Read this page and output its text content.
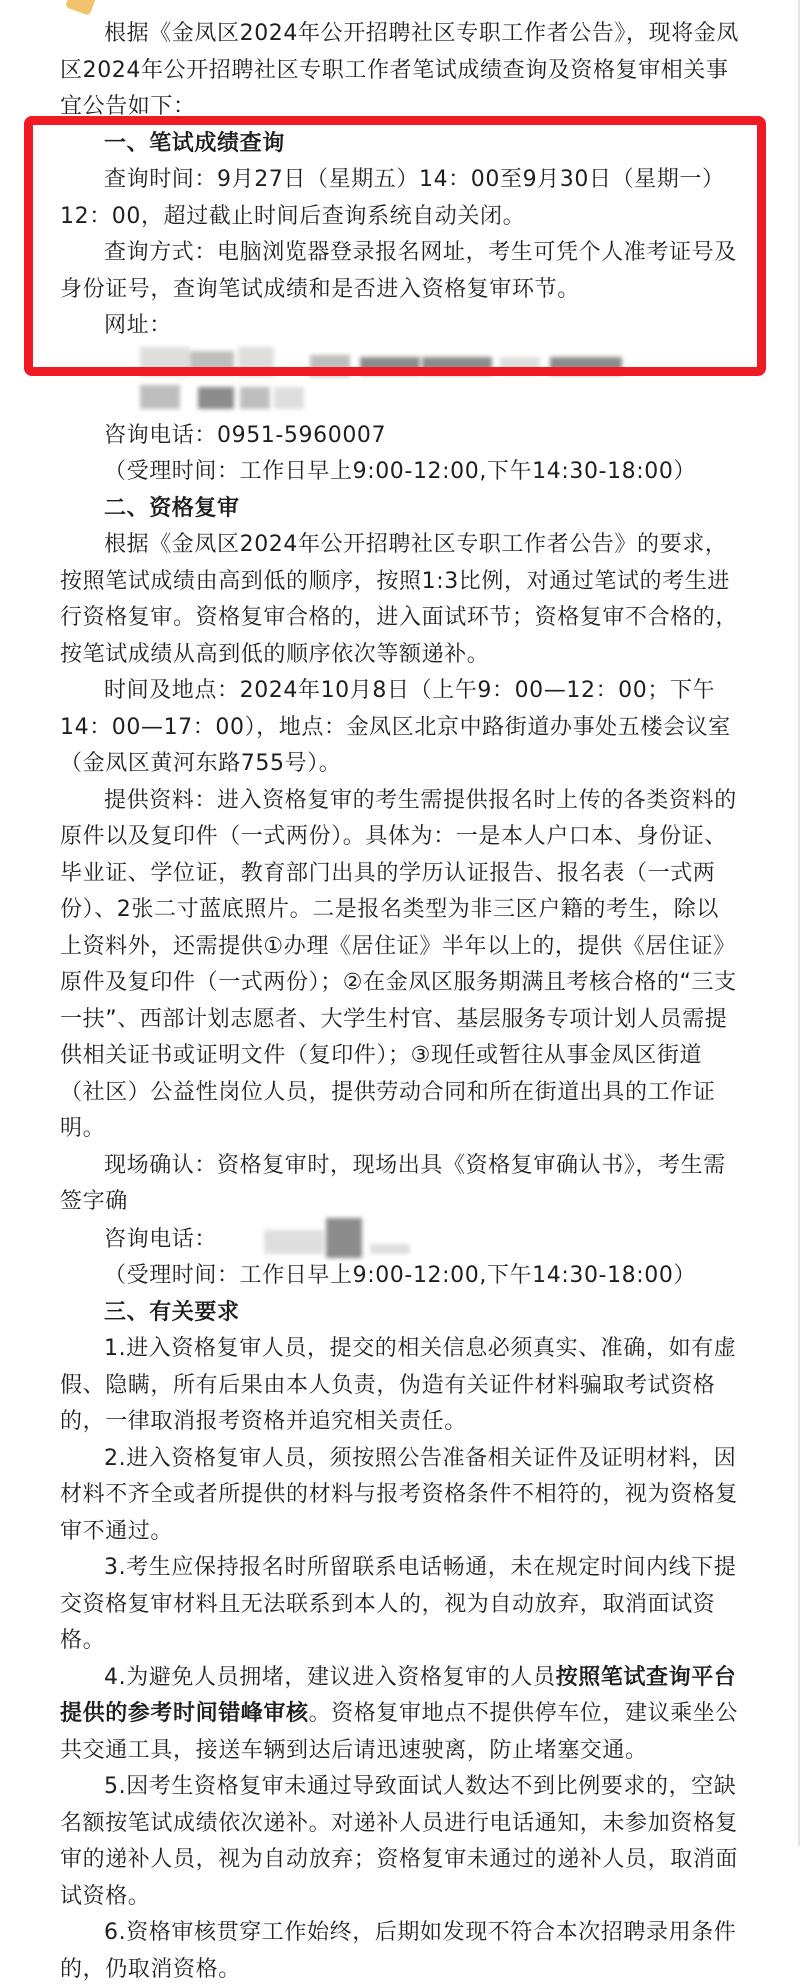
根据《金凤区2024年公开招聘社区专职工作者公告》，现将金凤区2024年公开招聘社区专职工作者笔试成绩查询及资格复审相关事宜公告如下：

一、笔试成绩查询

查询时间：9月27日（星期五）14：00至9月30日（星期一）12：00，超过截止时间后查询系统自动关闭。

查询方式：电脑浏览器登录报名网址，考生可凭个人准考证号及身份证号，查询笔试成绩和是否进入资格复审环节。

网址：

咨询电话：0951-5960007

（受理时间：工作日早上9:00-12:00,下午14:30-18:00）

二、资格复审

根据《金凤区2024年公开招聘社区专职工作者公告》的要求，按照笔试成绩由高到低的顺序，按照1:3比例，对通过笔试的考生进行资格复审。资格复审合格的，进入面试环节；资格复审不合格的，按笔试成绩从高到低的顺序依次等额递补。

时间及地点：2024年10月8日（上午9：00—12：00；下午14：00—17：00），地点：金凤区北京中路街道办事处五楼会议室（金凤区黄河东路755号）。

提供资料：进入资格复审的考生需提供报名时上传的各类资料的原件以及复印件（一式两份）。具体为：一是本人户口本、身份证、毕业证、学位证，教育部门出具的学历认证报告、报名表（一式两份）、2张二寸蓝底照片。二是报名类型为非三区户籍的考生，除以上资料外，还需提供①办理《居住证》半年以上的，提供《居住证》原件及复印件（一式两份）；②在金凤区服务期满且考核合格的“三支一扶”、西部计划志愿者、大学生村官、基层服务专项计划人员需提供相关证书或证明文件（复印件）；③现任或暂往从事金凤区街道（社区）公益性岗位人员，提供劳动合同和所在街道出具的工作证明。

现场确认：资格复审时，现场出具《资格复审确认书》，考生需签字确

咨询电话：
（受理时间：工作日早上9:00-12:00,下午14:30-18:00）

三、有关要求

1.进入资格复审人员，提交的相关信息必须真实、准确，如有虚假、隐瞒，所有后果由本人负责，伪造有关证件材料骗取考试资格的，一律取消报考资格并追究相关责任。

2.进入资格复审人员，须按照公告准备相关证件及证明材料，因材料不齐全或者所提供的材料与报考资格条件不相符的，视为资格复审不通过。

3.考生应保持报名时所留联系电话畅通，未在规定时间内线下提交资格复审材料且无法联系到本人的，视为自动放弃，取消面试资格。

4.为避免人员拥堵，建议进入资格复审的人员按照笔试查询平台提供的参考时间错峰审核。资格复审地点不提供停车位，建议乘坐公共交通工具，接送车辆到达后请迅速驶离，防止堵塞交通。

5.因考生资格复审未通过导致面试人数达不到比例要求的，空缺名额按笔试成绩依次递补。对递补人员进行电话通知，未参加资格复审的递补人员，视为自动放弃；资格复审未通过的递补人员，取消面试资格。

6.资格审核贯穿工作始终，后期如发现不符合本次招聘录用条件的，仍取消资格。
